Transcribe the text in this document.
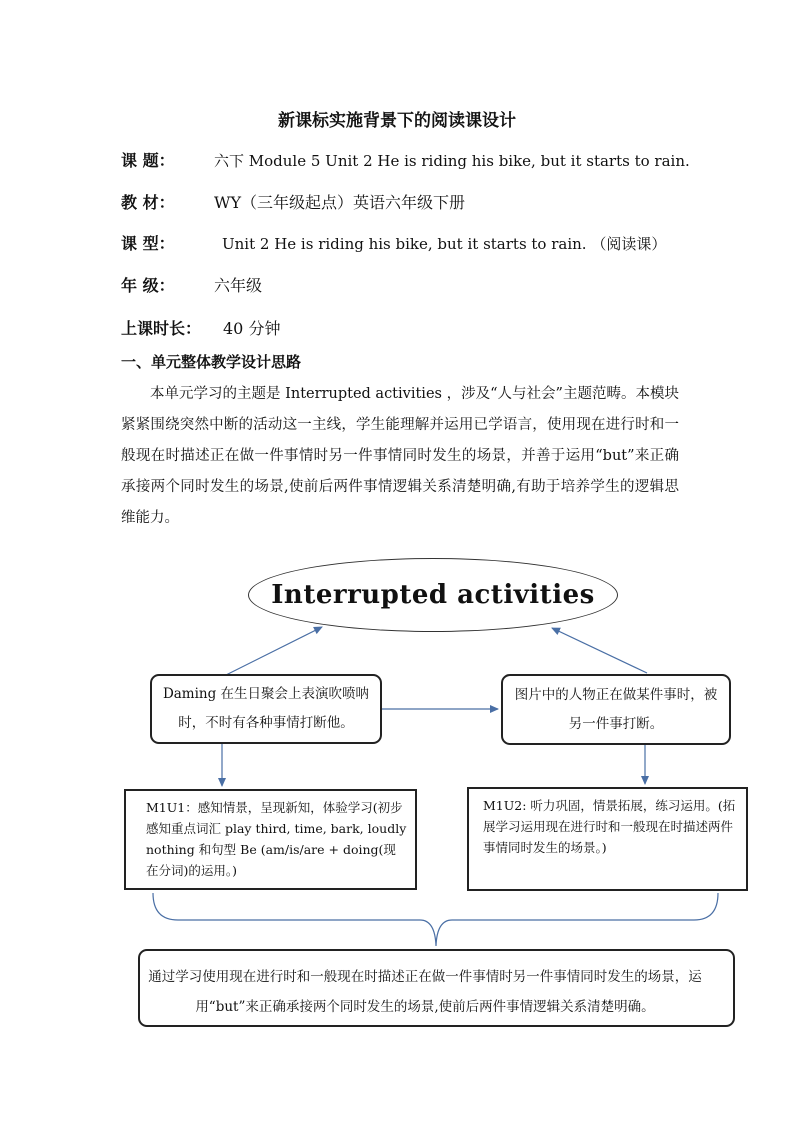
新课标实施背景下的阅读课设计
课 题：	六下 Module 5 Unit 2 He is riding his bike, but it starts to rain.
教 材： WY（三年级起点）英语六年级下册
课 型：	Unit 2 He is riding his bike, but it starts to rain. （阅读课）
年 级： 六年级
上课时长： 40 分钟
一、单元整体教学设计思路

本单元学习的主题是 Interrupted activities ，涉及“人与社会”主题范畴。本模块紧紧围绕突然中断的活动这一主线，学生能理解并运用已学语言，使用现在进行时和一般现在时描述正在做一件事情时另一件事情同时发生的场景，并善于运用“but”来正确承接两个同时发生的场景,使前后两件事情逻辑关系清楚明确,有助于培养学生的逻辑思维能力。

Interrupted activities
Daming 在生日聚会上表演吹喷呐时，不时有各种事情打断他。
图片中的人物正在做某件事时，被另一件事打断。
M1U1：感知情景，呈现新知，体验学习(初步感知重点词汇 play third, time, bark, loudly nothing 和句型 Be (am/is/are + doing(现在分词)的运用。)
M1U2: 听力巩固，情景拓展，练习运用。(拓展学习运用现在进行时和一般现在时描述两件事情同时发生的场景。)
通过学习使用现在进行时和一般现在时描述正在做一件事情时另一件事情同时发生的场景，运用“but”来正确承接两个同时发生的场景,使前后两件事情逻辑关系清楚明确。
